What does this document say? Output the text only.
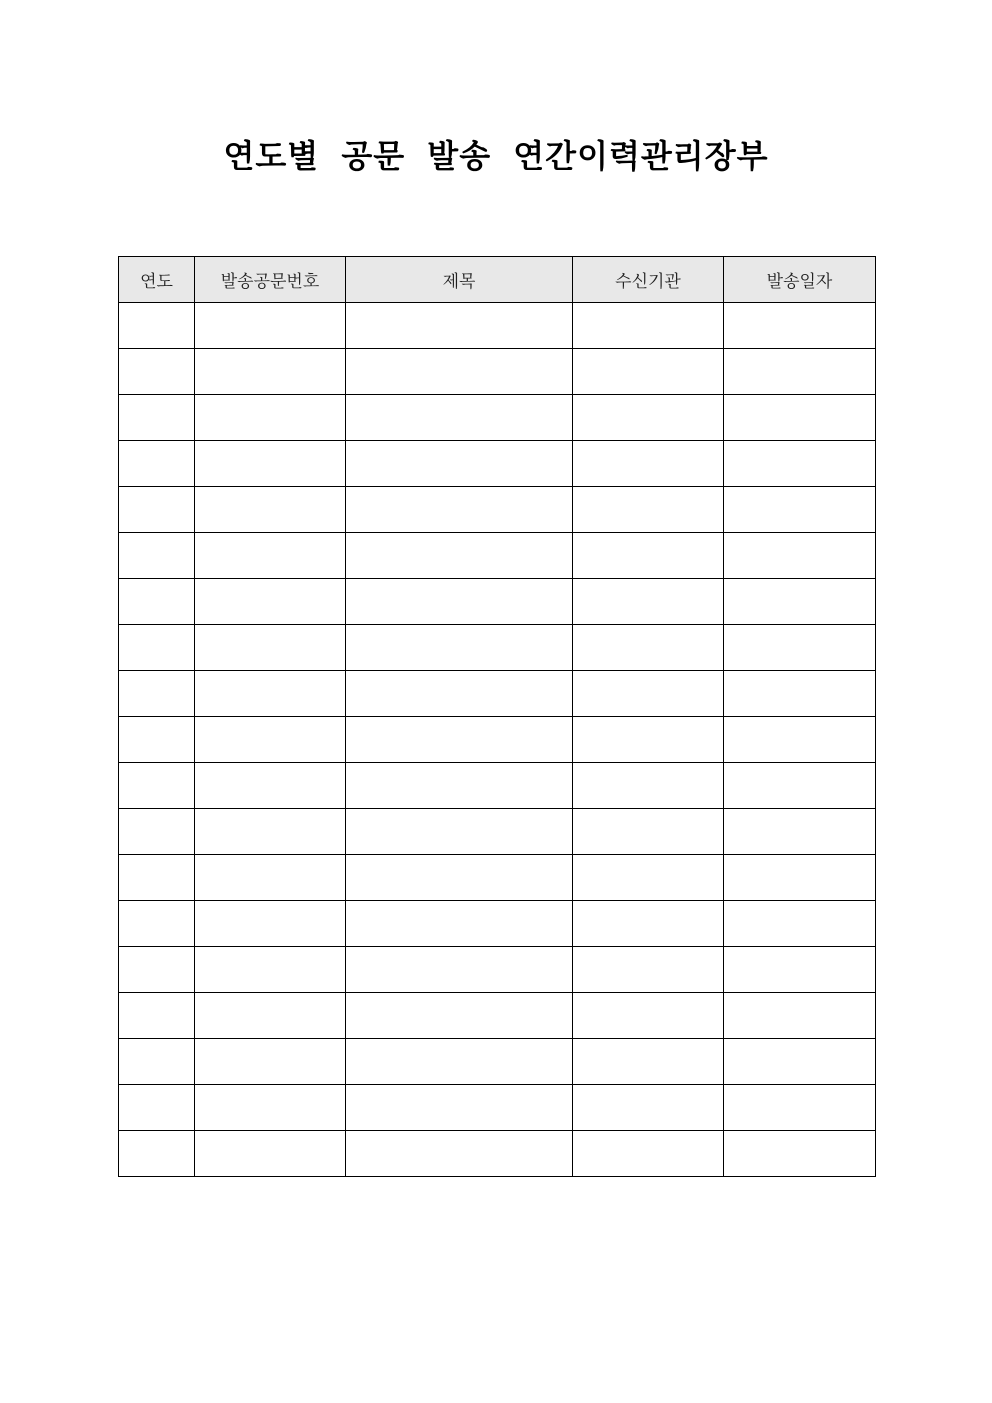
연도별 공문 발송 연간이력관리장부
연도	발송공문번호	제목	수신기관	발송일자
